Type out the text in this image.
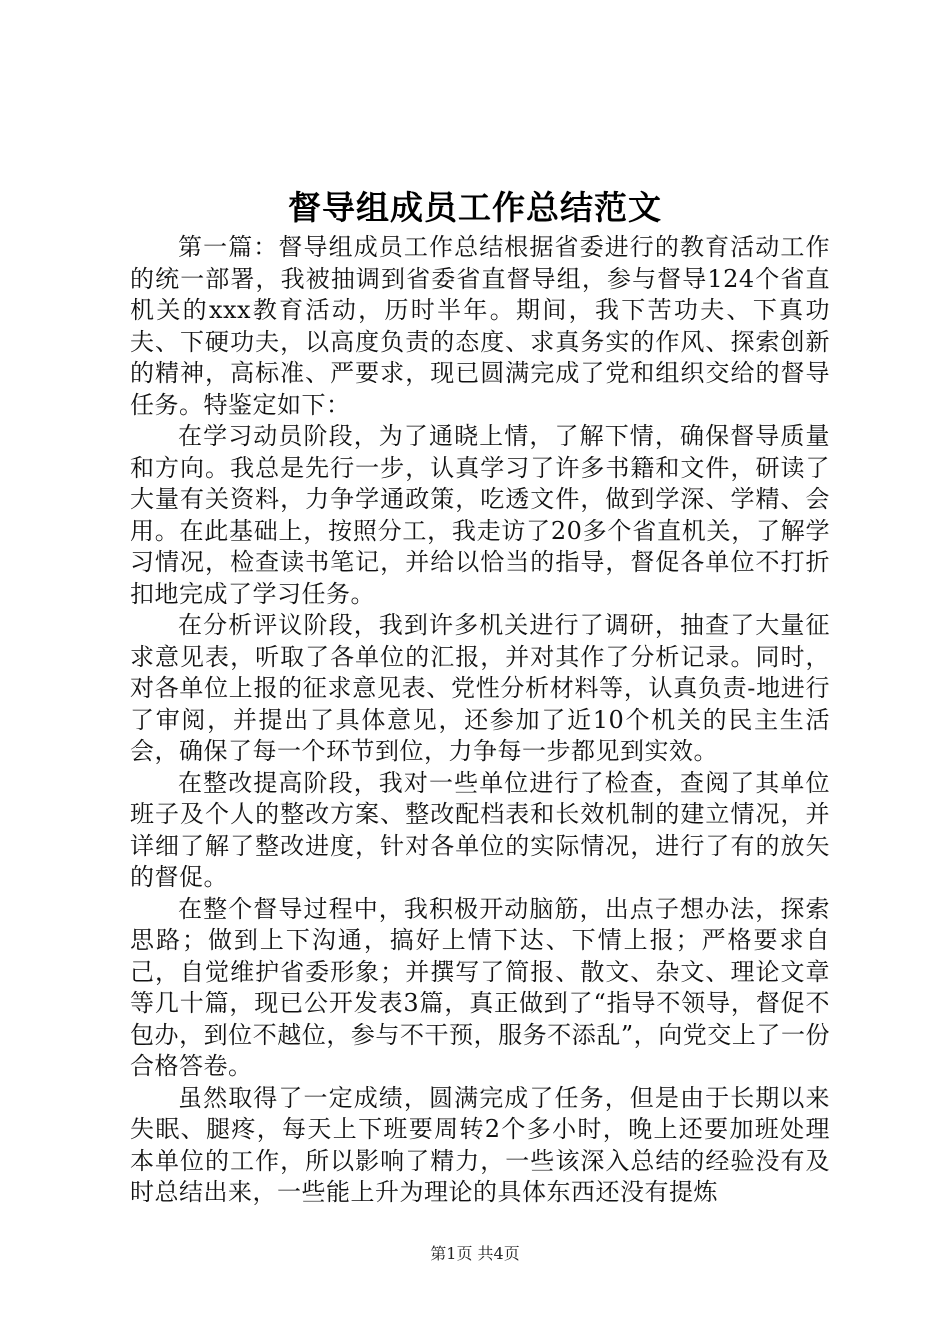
督导组成员工作总结范文

第一篇：督导组成员工作总结根据省委进行的教育活动工作的统一部署，我被抽调到省委省直督导组，参与督导124个省直机关的xxx教育活动，历时半年。期间，我下苦功夫、下真功夫、下硬功夫，以高度负责的态度、求真务实的作风、探索创新的精神，高标准、严要求，现已圆满完成了党和组织交给的督导任务。特鉴定如下：

在学习动员阶段，为了通晓上情，了解下情，确保督导质量和方向。我总是先行一步，认真学习了许多书籍和文件，研读了大量有关资料，力争学通政策，吃透文件，做到学深、学精、会用。在此基础上，按照分工，我走访了20多个省直机关，了解学习情况，检查读书笔记，并给以恰当的指导，督促各单位不打折扣地完成了学习任务。

在分析评议阶段，我到许多机关进行了调研，抽查了大量征求意见表，听取了各单位的汇报，并对其作了分析记录。同时，对各单位上报的征求意见表、党性分析材料等，认真负责-地进行了审阅，并提出了具体意见，还参加了近10个机关的民主生活会，确保了每一个环节到位，力争每一步都见到实效。

在整改提高阶段，我对一些单位进行了检查，查阅了其单位班子及个人的整改方案、整改配档表和长效机制的建立情况，并详细了解了整改进度，针对各单位的实际情况，进行了有的放矢的督促。

在整个督导过程中，我积极开动脑筋，出点子想办法，探索思路；做到上下沟通，搞好上情下达、下情上报；严格要求自己，自觉维护省委形象；并撰写了简报、散文、杂文、理论文章等几十篇，现已公开发表3篇，真正做到了“指导不领导，督促不包办，到位不越位，参与不干预，服务不添乱”，向党交上了一份合格答卷。

虽然取得了一定成绩，圆满完成了任务，但是由于长期以来失眠、腿疼，每天上下班要周转2个多小时，晚上还要加班处理本单位的工作，所以影响了精力，一些该深入总结的经验没有及时总结出来，一些能上升为理论的具体东西还没有提炼

第1页 共4页
